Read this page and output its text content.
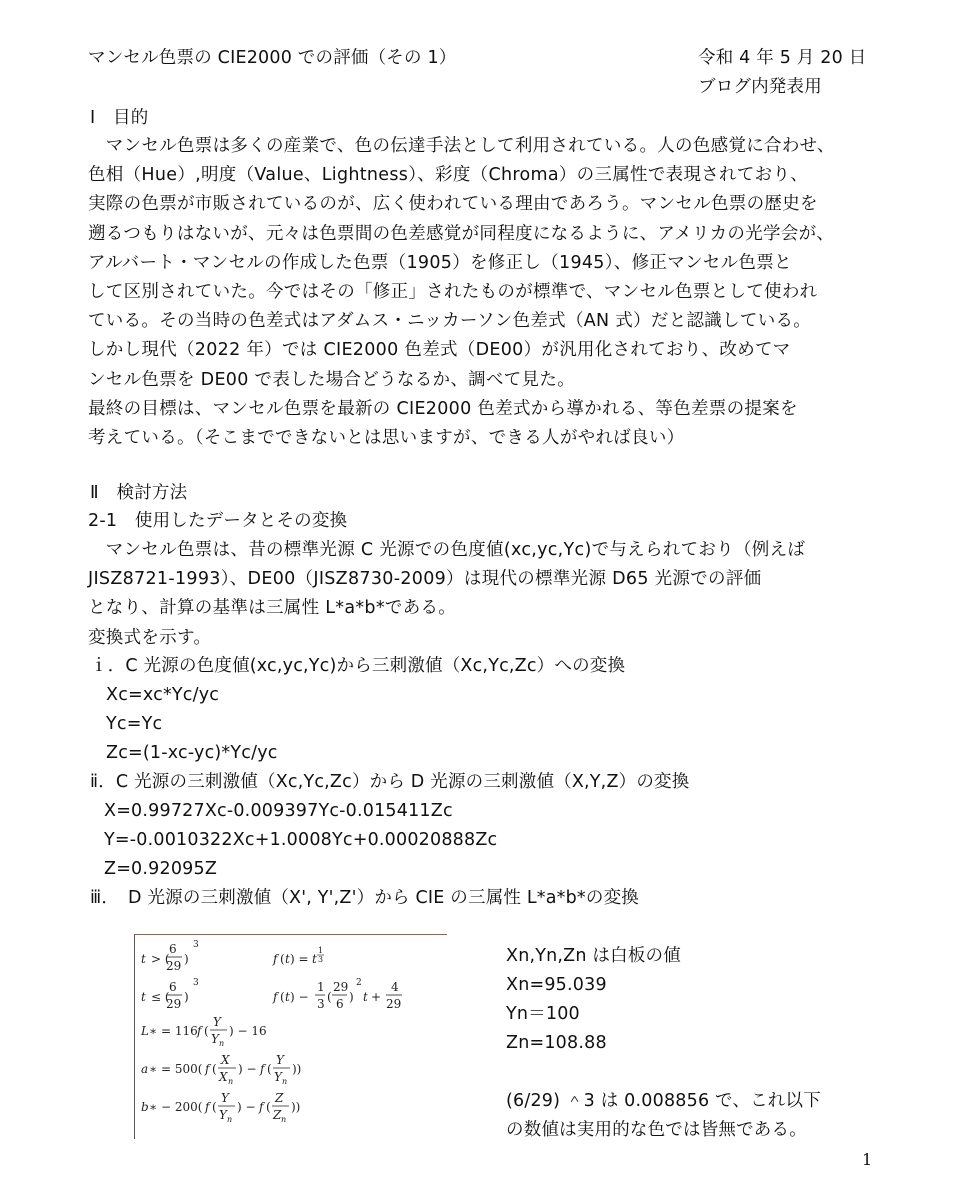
マンセル色票の CIE2000 での評価（その 1）	令和 4 年 5 月 20 日
ブログ内発表用
Ⅰ　目的

　マンセル色票は多くの産業で、色の伝達手法として利用されている。人の色感覚に合わせ、

色相（Hue）,明度（Value、Lightness）、彩度（Chroma）の三属性で表現されており、

実際の色票が市販されているのが、広く使われている理由であろう。マンセル色票の歴史を

遡るつもりはないが、元々は色票間の色差感覚が同程度になるように、アメリカの光学会が、

アルバート・マンセルの作成した色票（1905）を修正し（1945）、修正マンセル色票と

して区別されていた。今ではその「修正」されたものが標準で、マンセル色票として使われ

ている。その当時の色差式はアダムス・ニッカーソン色差式（AN 式）だと認識している。

しかし現代（2022 年）では CIE2000 色差式（DE00）が汎用化されており、改めてマ

ンセル色票を DE00 で表した場合どうなるか、調べて見た。

最終の目標は、マンセル色票を最新の CIE2000 色差式から導かれる、等色差票の提案を

考えている。（そこまでできないとは思いますが、できる人がやれば良い）

Ⅱ　検討方法
2-1　使用したデータとその変換

　マンセル色票は、昔の標準光源 C 光源での色度値(xc,yc,Yc)で与えられており（例えば

JISZ8721-1993）、DE00（JISZ8730-2009）は現代の標準光源 D65 光源での評価

となり、計算の基準は三属性 L*a*b*である。

変換式を示す。

ｉ．C 光源の色度値(xc,yc,Yc)から三刺激値（Xc,Yc,Zc）への変換
Xc=xc*Yc/yc
Yc=Yc
Zc=(1-xc-yc)*Yc/yc
ⅱ．C 光源の三刺激値（Xc,Yc,Zc）から D 光源の三刺激値（X,Y,Z）の変換
X=0.99727Xc-0.009397Yc-0.015411Zc
Y=-0.0010322Xc+1.0008Yc+0.00020888Zc
Z=0.92095Z
ⅲ．　D 光源の三刺激値（X', Y',Z'）から CIE の三属性 L*a*b*の変換
t > (
6
29 )
3
f ( t ) = t
1
3
t ≤ (
6
29 )
3
f ( t ) −
1
3 (
29
6 )
2
t +
4
29
L ∗ = 116 f (
Y
Y n
) − 16
a ∗ = 500( f (
X
X n
) − f (
Y
Y n
))
b ∗ − 200( f (
Y
Y n
) − f (
Z
Z n
))
Xn,Yn,Zn は白板の値
Xn=95.039
Yn＝100
Zn=108.88
(6/29) ＾3 は 0.008856 で、これ以下
の数値は実用的な色では皆無である。
1
